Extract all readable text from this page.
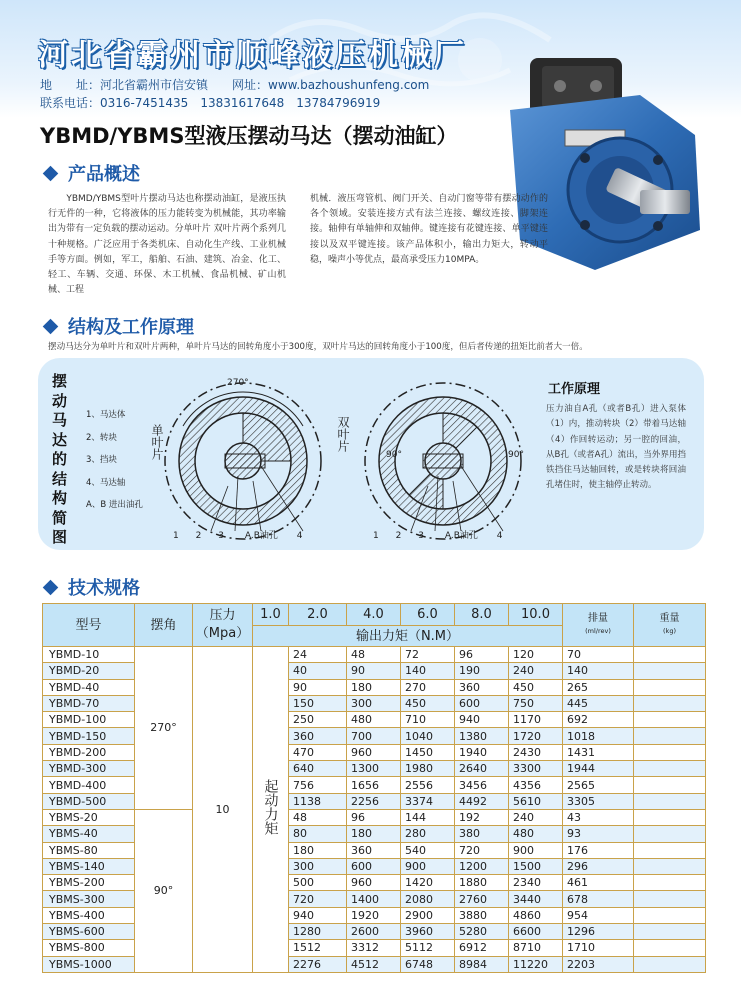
河北省霸州市顺峰液压机械厂
地　　址：河北省霸州市信安镇　　网址：www.bazhoushunfeng.com
联系电话：0316-7451435　13831617648　13784796919
YBMD/YBMS型液压摆动马达（摆动油缸）
产品概述
　　YBMD/YBMS型叶片摆动马达也称摆动油缸，是液压执行无件的一种，它将液体的压力能转变为机械能，其功率输出为带有一定负载的摆动运动。分单叶片 双叶片两个系列几十种规格。广泛应用于各类机床、自动化生产线、工业机械手等方面。例如，军工，船舶、石油、建筑、冶金、化工、轻工、车辆、交通、环保、木工机械、食品机械、矿山机械、工程
机械．液压弯管机、阀门开关、自动门窗等带有摆动动作的各个领域。安装连接方式有法兰连接、螺纹连接、脚架连接。轴伸有单轴伸和双轴伸。键连接有花键连接、单平键连接以及双平键连接。该产品体积小，输出力矩大，转动平稳，噪声小等优点，最高承受压力10MPA。
结构及工作原理
摆动马达分为单叶片和双叶片两种，单叶片马达的回转角度小于300度，双叶片马达的回转角度小于100度，但后者传递的扭矩比前者大一倍。
摆动马达的结构简图
1、马达体
2、转块
3、挡块
4、马达轴
A、B 进出油孔
270°
90°	90°
单叶片	双叶片
1 2 3 A.B油孔 4	1 2 3 A.B油孔 4
工作原理
压力油自A孔（或者B孔）进入泵体（1）内，推动转块（2）带着马达轴（4）作回转运动；另一腔的回油，从B孔（或者A孔）流出，当外界用挡铁挡住马达轴回转，或是转块将回油孔堵住时，使主轴停止转动。
技术规格
型号	摆角	压力
（Mpa）	1.0	2.0	4.0	6.0	8.0	10.0	排量
(ml/rev)	重量
(kg)

			输出力矩（N.M）							
YBMD-10	270°	10	起动力矩	24	48	72	96	120	70	
YBMD-20				40	90	140	190	240	140	
YBMD-40				90	180	270	360	450	265	
YBMD-70				150	300	450	600	750	445	
YBMD-100				250	480	710	940	1170	692	
YBMD-150				360	700	1040	1380	1720	1018	
YBMD-200				470	960	1450	1940	2430	1431	
YBMD-300				640	1300	1980	2640	3300	1944	
YBMD-400				756	1656	2556	3456	4356	2565	
YBMD-500				1138	2256	3374	4492	5610	3305	
YBMS-20	90°			48	96	144	192	240	43	
YBMS-40				80	180	280	380	480	93	
YBMS-80				180	360	540	720	900	176	
YBMS-140				300	600	900	1200	1500	296	
YBMS-200				500	960	1420	1880	2340	461	
YBMS-300				720	1400	2080	2760	3440	678	
YBMS-400				940	1920	2900	3880	4860	954	
YBMS-600				1280	2600	3960	5280	6600	1296	
YBMS-800				1512	3312	5112	6912	8710	1710	
YBMS-1000				2276	4512	6748	8984	11220	2203	
